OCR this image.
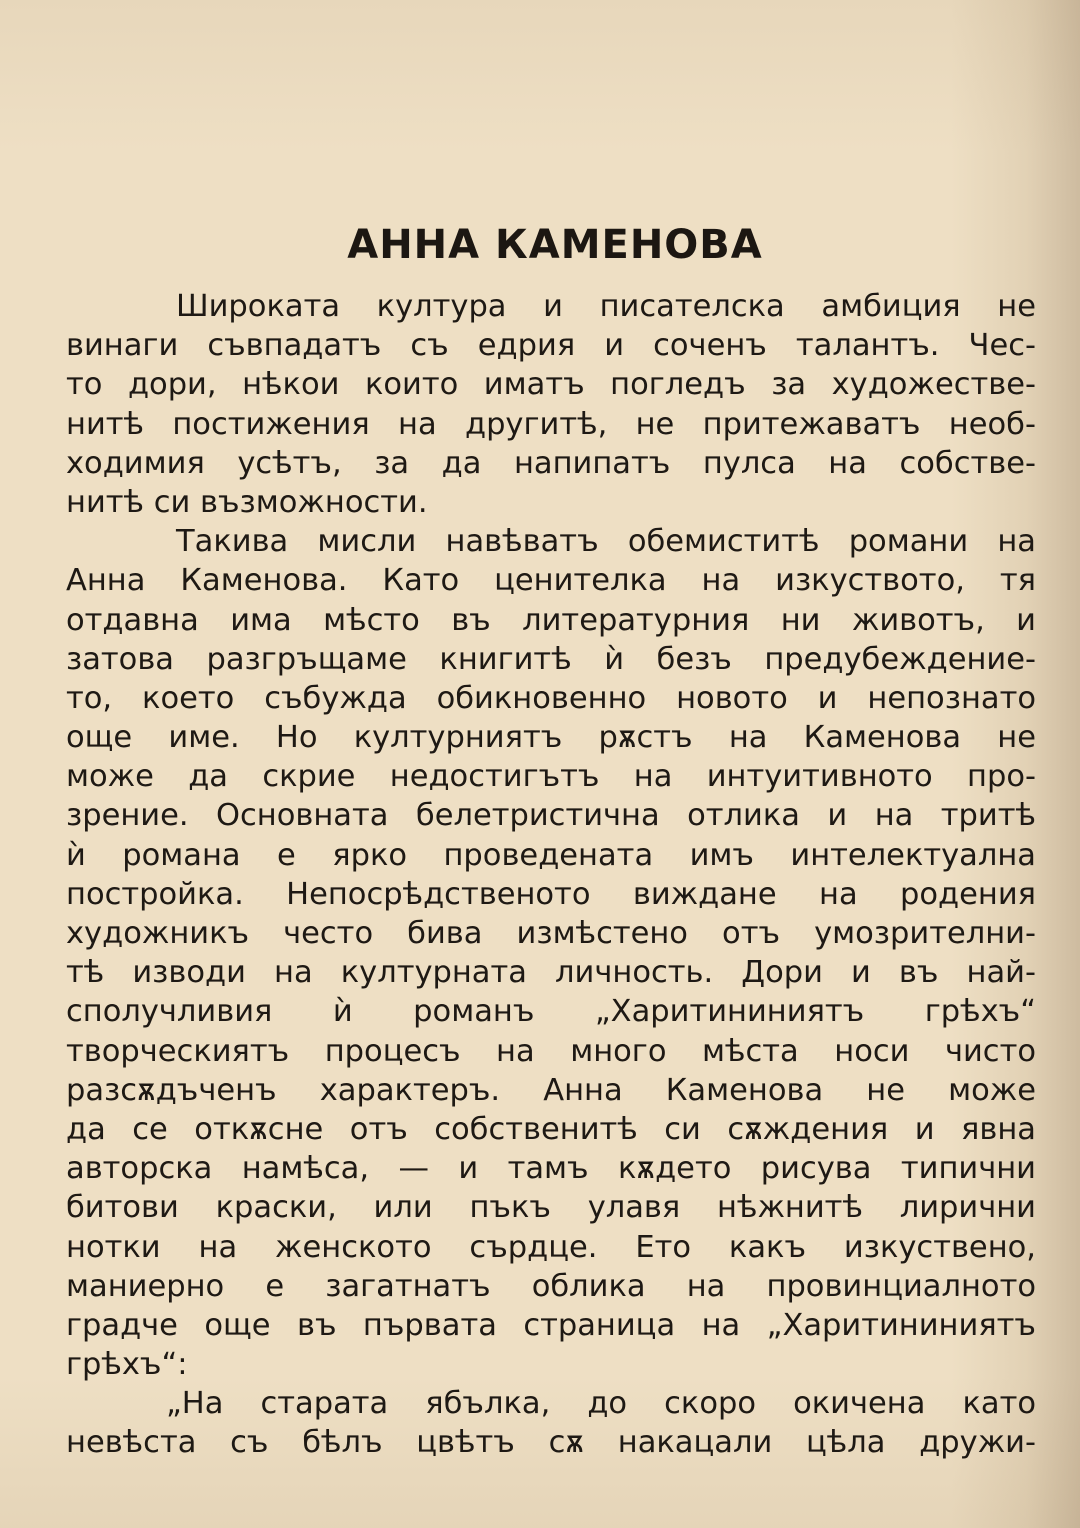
АННА КАМЕНОВА
Широката култура и писателска амбиция не
винаги съвпадатъ съ едрия и соченъ талантъ. Чес-
то дори, нѣкои които иматъ погледъ за художестве-
нитѣ постижения на другитѣ, не притежаватъ необ-
ходимия усѣтъ, за да напипатъ пулса на собстве-
нитѣ си възможности.
Такива мисли навѣватъ обемиститѣ романи на
Анна Каменова. Като ценителка на изкуството, тя
отдавна има мѣсто въ литературния ни животъ, и
затова разгръщаме книгитѣ ѝ безъ предубеждение-
то, което събужда обикновенно новото и непознато
още име. Но културниятъ рѫстъ на Каменова не
може да скрие недостигътъ на интуитивното про-
зрение. Основната белетристична отлика и на тритѣ
ѝ романа е ярко проведената имъ интелектуална
постройка. Непосрѣдственото виждане на родения
художникъ често бива измѣстено отъ умозрителни-
тѣ изводи на културната личность. Дори и въ най-
сполучливия ѝ романъ „Харитининиятъ грѣхъ“
творческиятъ процесъ на много мѣста носи чисто
разсѫдъченъ характеръ. Анна Каменова не може
да се откѫсне отъ собственитѣ си сѫждения и явна
авторска намѣса, — и тамъ кѫдето рисува типични
битови краски, или пъкъ улавя нѣжнитѣ лирични
нотки на женското сърдце. Ето какъ изкуствено,
маниерно е загатнатъ облика на провинциалното
градче още въ първата страница на „Харитининиятъ
грѣхъ“:
„На старата ябълка, до скоро окичена като
невѣста съ бѣлъ цвѣтъ сѫ накацали цѣла дружи-
